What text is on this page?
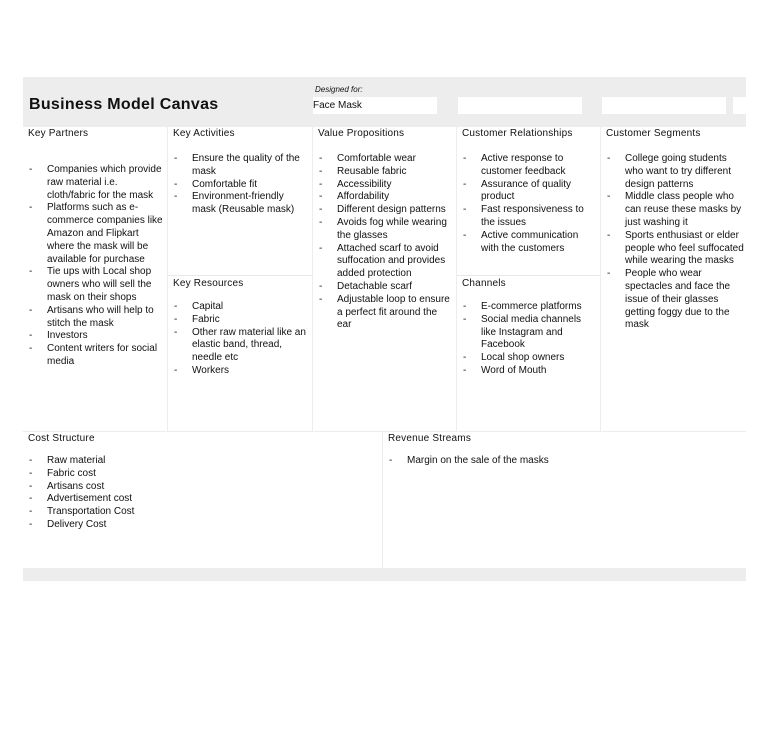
Business Model Canvas
Designed for:
Face Mask
Key Partners
- Companies which provide raw material i.e. cloth/fabric for the mask
- Platforms such as e-commerce companies like Amazon and Flipkart where the mask will be available for purchase
- Tie ups with Local shop owners who will sell the mask on their shops
- Artisans who will help to stitch the mask
- Investors
- Content writers for social media
Key Activities
- Ensure the quality of the mask
- Comfortable fit
- Environment-friendly mask (Reusable mask)
Key Resources
- Capital
- Fabric
- Other raw material like an elastic band, thread, needle etc
- Workers
Value Propositions
- Comfortable wear
- Reusable fabric
- Accessibility
- Affordability
- Different design patterns
- Avoids fog while wearing the glasses
- Attached scarf to avoid suffocation and provides added protection
- Detachable scarf
- Adjustable loop to ensure a perfect fit around the ear
Customer Relationships
- Active response to customer feedback
- Assurance of quality product
- Fast responsiveness to the issues
- Active communication with the customers
Channels
- E-commerce platforms
- Social media channels like Instagram and Facebook
- Local shop owners
- Word of Mouth
Customer Segments
- College going students who want to try different design patterns
- Middle class people who can reuse these masks by just washing it
- Sports enthusiast or elder people who feel suffocated while wearing the masks
- People who wear spectacles and face the issue of their glasses getting foggy due to the mask
Cost Structure
- Raw material
- Fabric cost
- Artisans cost
- Advertisement cost
- Transportation Cost
- Delivery Cost
Revenue Streams
- Margin on the sale of the masks
